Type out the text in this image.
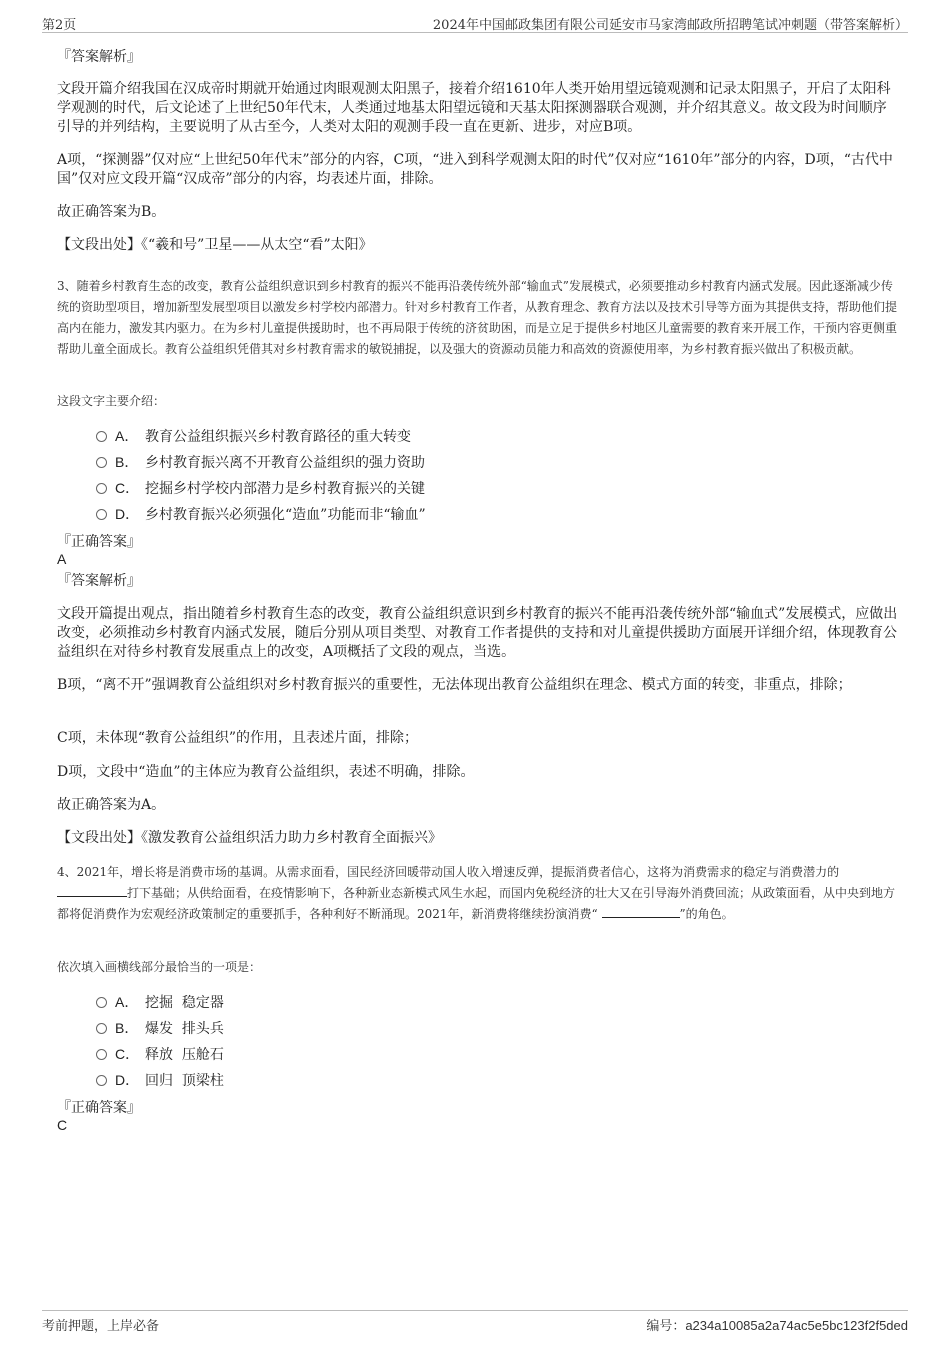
第2页	2024年中国邮政集团有限公司延安市马家湾邮政所招聘笔试冲刺题（带答案解析）
『答案解析』

文段开篇介绍我国在汉成帝时期就开始通过肉眼观测太阳黑子，接着介绍1610年人类开始用望远镜观测和记录太阳黑子，开启了太阳科学观测的时代，后文论述了上世纪50年代末，人类通过地基太阳望远镜和天基太阳探测器联合观测，并介绍其意义。故文段为时间顺序引导的并列结构，主要说明了从古至今，人类对太阳的观测手段一直在更新、进步，对应B项。

A项，“探测器”仅对应“上世纪50年代末”部分的内容，C项，“进入到科学观测太阳的时代”仅对应“1610年”部分的内容，D项，“古代中国”仅对应文段开篇“汉成帝”部分的内容，均表述片面，排除。

故正确答案为B。

【文段出处】《“羲和号”卫星——从太空“看”太阳》

3、随着乡村教育生态的改变，教育公益组织意识到乡村教育的振兴不能再沿袭传统外部“输血式”发展模式，必须要推动乡村教育内涵式发展。因此逐渐减少传统的资助型项目，增加新型发展型项目以激发乡村学校内部潜力。针对乡村教育工作者，从教育理念、教育方法以及技术引导等方面为其提供支持，帮助他们提高内在能力，激发其内驱力。在为乡村儿童提供援助时，也不再局限于传统的济贫助困，而是立足于提供乡村地区儿童需要的教育来开展工作，干预内容更侧重帮助儿童全面成长。教育公益组织凭借其对乡村教育需求的敏锐捕捉，以及强大的资源动员能力和高效的资源使用率，为乡村教育振兴做出了积极贡献。

这段文字主要介绍：

A． 教育公益组织振兴乡村教育路径的重大转变
B． 乡村教育振兴离不开教育公益组织的强力资助
C． 挖掘乡村学校内部潜力是乡村教育振兴的关键
D． 乡村教育振兴必须强化“造血”功能而非“输血”
『正确答案』
A
『答案解析』

文段开篇提出观点，指出随着乡村教育生态的改变，教育公益组织意识到乡村教育的振兴不能再沿袭传统外部“输血式”发展模式，应做出改变，必须推动乡村教育内涵式发展，随后分别从项目类型、对教育工作者提供的支持和对儿童提供援助方面展开详细介绍，体现教育公益组织在对待乡村教育发展重点上的改变，A项概括了文段的观点，当选。

B项，“离不开”强调教育公益组织对乡村教育振兴的重要性，无法体现出教育公益组织在理念、模式方面的转变，非重点，排除；

C项，未体现“教育公益组织”的作用，且表述片面，排除；

D项，文段中“造血”的主体应为教育公益组织，表述不明确，排除。

故正确答案为A。

【文段出处】《激发教育公益组织活力助力乡村教育全面振兴》

4、2021年，增长将是消费市场的基调。从需求面看，国民经济回暖带动国人收入增速反弹，提振消费者信心，这将为消费需求的稳定与消费潜力的 打下基础；从供给面看，在疫情影响下，各种新业态新模式风生水起，而国内免税经济的壮大又在引导海外消费回流；从政策面看，从中央到地方都将促消费作为宏观经济政策制定的重要抓手，各种利好不断涌现。2021年，新消费将继续扮演消费“	”的角色。

依次填入画横线部分最恰当的一项是：

A． 挖掘  稳定器
B． 爆发  排头兵
C． 释放  压舱石
D． 回归  顶梁柱
『正确答案』
C
考前押题，上岸必备	编号：a234a10085a2a74ac5e5bc123f2f5ded
